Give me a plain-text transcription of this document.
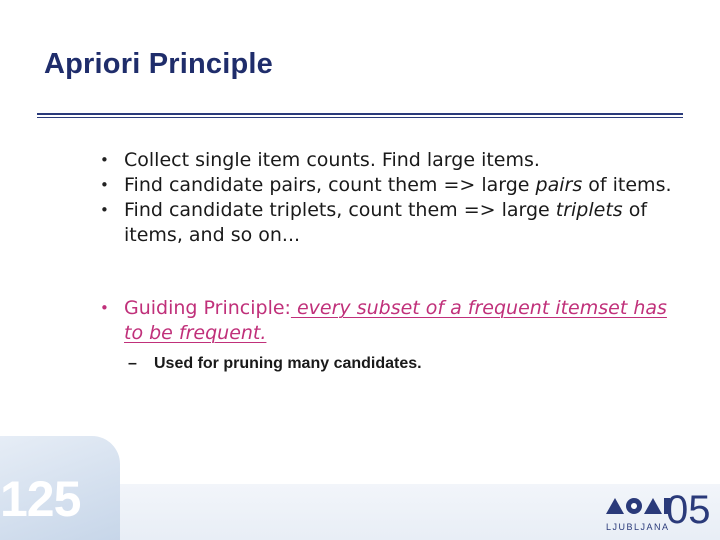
Apriori Principle
• Collect single item counts. Find large items.
• Find candidate pairs, count them => large pairs of items.
• Find candidate triplets, count them => large triplets of items, and so on...
• Guiding Principle: every subset of a frequent itemset has to be frequent.
– Used for pruning many candidates.
125	05
LJUBLJANA
